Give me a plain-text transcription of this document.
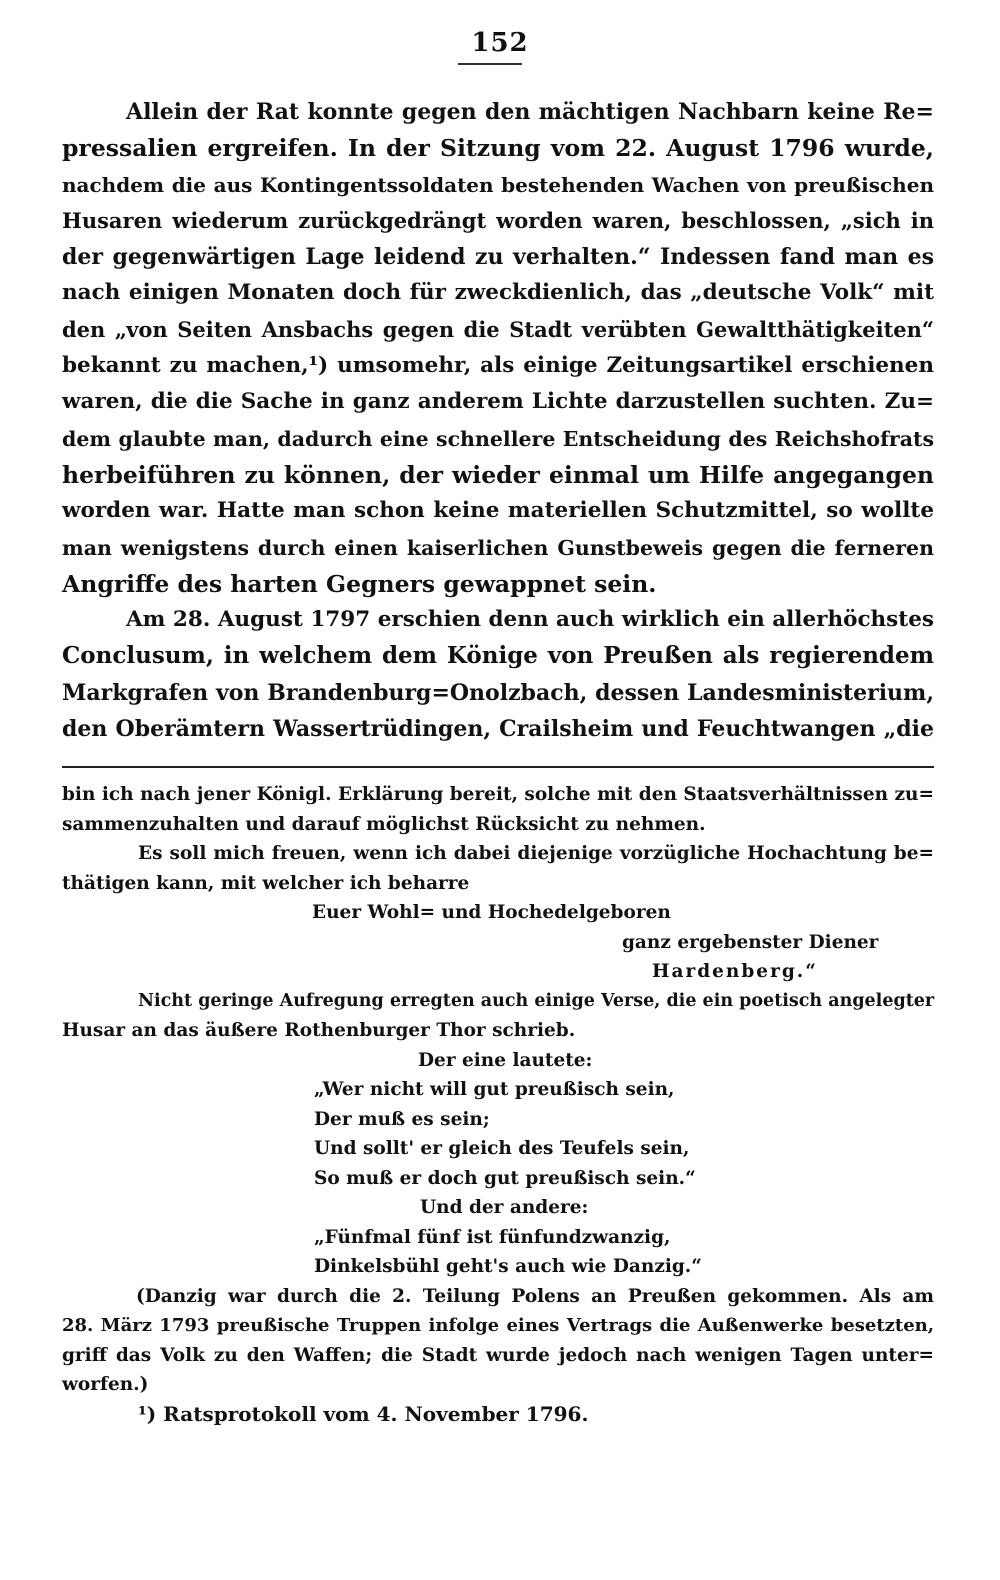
152
Allein der Rat konnte gegen den mächtigen Nachbarn keine Re=
pressalien ergreifen. In der Sitzung vom 22. August 1796 wurde,
nachdem die aus Kontingentssoldaten bestehenden Wachen von preußischen
Husaren wiederum zurückgedrängt worden waren, beschlossen, „sich in
der gegenwärtigen Lage leidend zu verhalten.“ Indessen fand man es
nach einigen Monaten doch für zweckdienlich, das „deutsche Volk“ mit
den „von Seiten Ansbachs gegen die Stadt verübten Gewaltthätigkeiten“
bekannt zu machen,¹) umsomehr, als einige Zeitungsartikel erschienen
waren, die die Sache in ganz anderem Lichte darzustellen suchten. Zu=
dem glaubte man, dadurch eine schnellere Entscheidung des Reichshofrats
herbeiführen zu können, der wieder einmal um Hilfe angegangen
worden war. Hatte man schon keine materiellen Schutzmittel, so wollte
man wenigstens durch einen kaiserlichen Gunstbeweis gegen die ferneren
Angriffe des harten Gegners gewappnet sein.
Am 28. August 1797 erschien denn auch wirklich ein allerhöchstes
Conclusum, in welchem dem Könige von Preußen als regierendem
Markgrafen von Brandenburg=Onolzbach, dessen Landesministerium,
den Oberämtern Wassertrüdingen, Crailsheim und Feuchtwangen „die
bin ich nach jener Königl. Erklärung bereit, solche mit den Staatsverhältnissen zu=
sammenzuhalten und darauf möglichst Rücksicht zu nehmen.
Es soll mich freuen, wenn ich dabei diejenige vorzügliche Hochachtung be=
thätigen kann, mit welcher ich beharre
Euer Wohl= und Hochedelgeboren
ganz ergebenster Diener
Hardenberg.“
Nicht geringe Aufregung erregten auch einige Verse, die ein poetisch angelegter
Husar an das äußere Rothenburger Thor schrieb.
Der eine lautete:
„Wer nicht will gut preußisch sein,
Der muß es sein;
Und sollt' er gleich des Teufels sein,
So muß er doch gut preußisch sein.“
Und der andere:
„Fünfmal fünf ist fünfundzwanzig,
Dinkelsbühl geht's auch wie Danzig.“
(Danzig war durch die 2. Teilung Polens an Preußen gekommen. Als am
28. März 1793 preußische Truppen infolge eines Vertrags die Außenwerke besetzten,
griff das Volk zu den Waffen; die Stadt wurde jedoch nach wenigen Tagen unter=
worfen.)
¹) Ratsprotokoll vom 4. November 1796.
